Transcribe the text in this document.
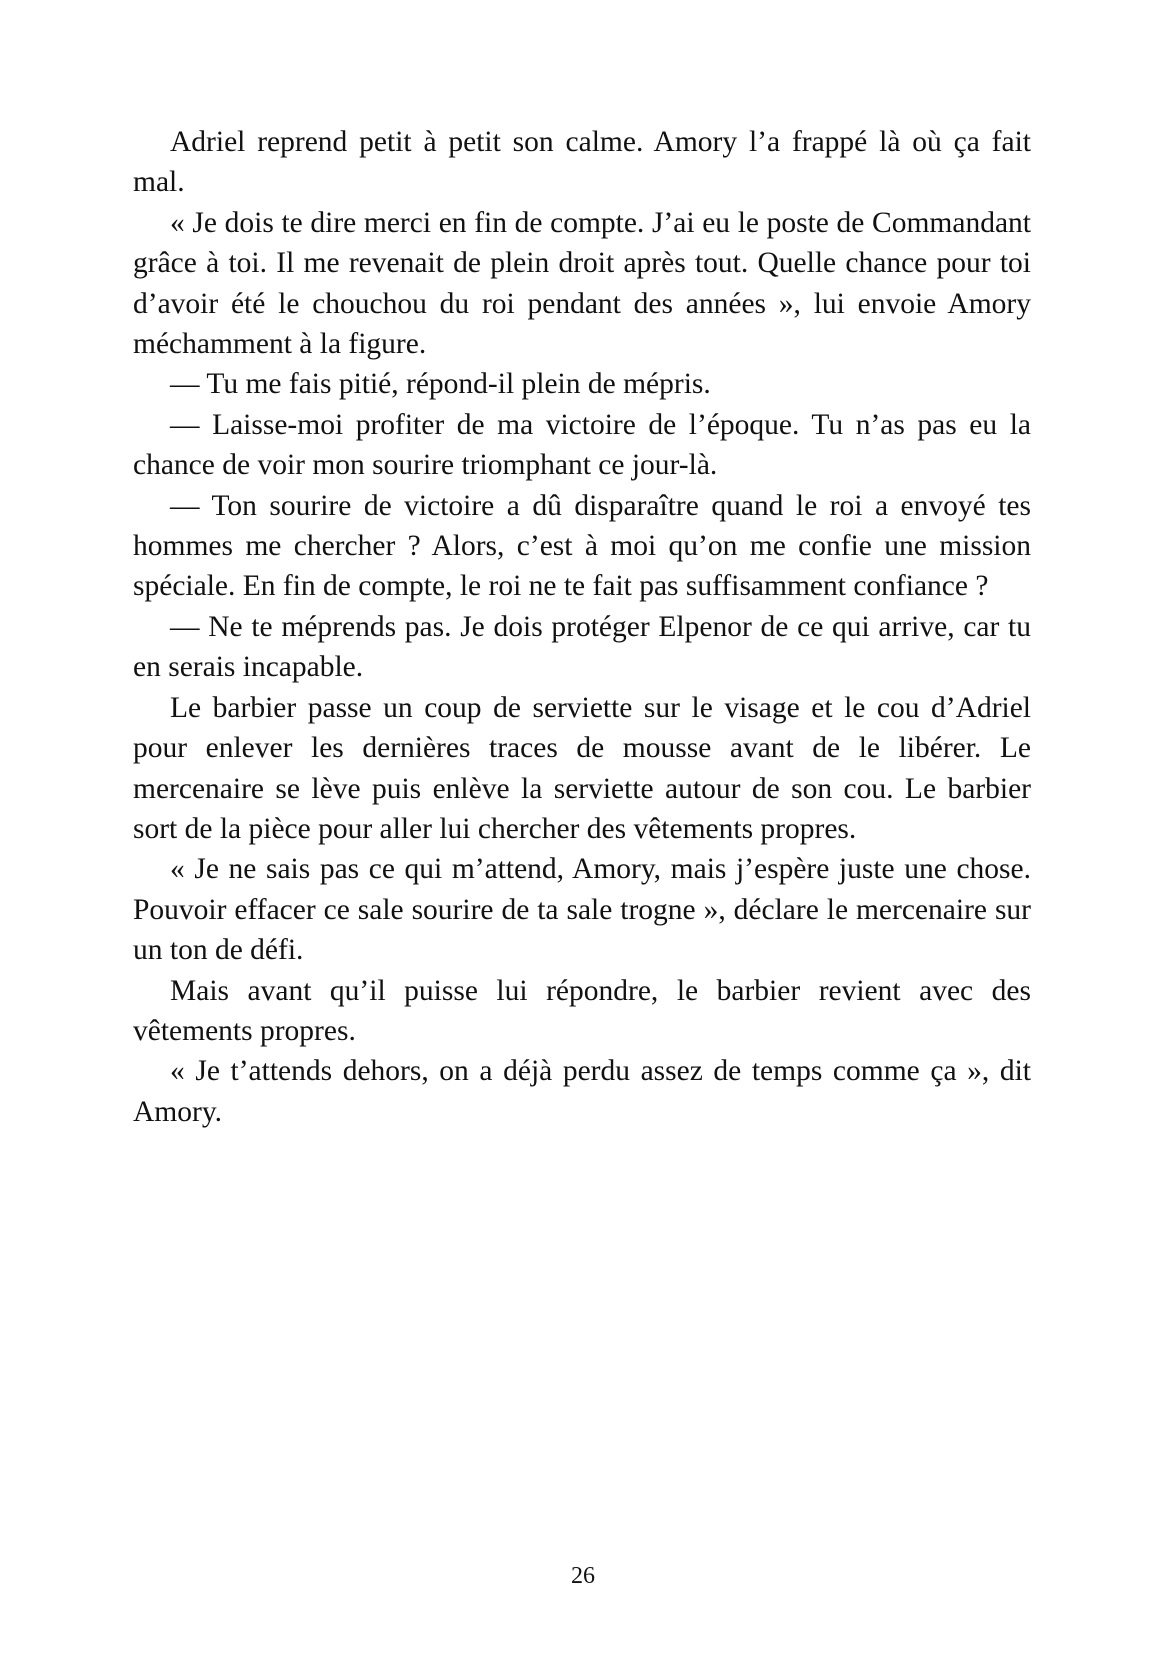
Adriel reprend petit à petit son calme. Amory l’a frappé là où ça fait mal.

« Je dois te dire merci en fin de compte. J’ai eu le poste de Commandant grâce à toi. Il me revenait de plein droit après tout. Quelle chance pour toi d’avoir été le chouchou du roi pendant des années », lui envoie Amory méchamment à la figure.

— Tu me fais pitié, répond-il plein de mépris.

— Laisse-moi profiter de ma victoire de l’époque. Tu n’as pas eu la chance de voir mon sourire triomphant ce jour-là.

— Ton sourire de victoire a dû disparaître quand le roi a envoyé tes hommes me chercher ? Alors, c’est à moi qu’on me confie une mission spéciale. En fin de compte, le roi ne te fait pas suffisamment confiance ?

— Ne te méprends pas. Je dois protéger Elpenor de ce qui arrive, car tu en serais incapable.

Le barbier passe un coup de serviette sur le visage et le cou d’Adriel pour enlever les dernières traces de mousse avant de le libérer. Le mercenaire se lève puis enlève la serviette autour de son cou. Le barbier sort de la pièce pour aller lui chercher des vêtements propres.

« Je ne sais pas ce qui m’attend, Amory, mais j’espère juste une chose. Pouvoir effacer ce sale sourire de ta sale trogne », déclare le mercenaire sur un ton de défi.

Mais avant qu’il puisse lui répondre, le barbier revient avec des vêtements propres.

« Je t’attends dehors, on a déjà perdu assez de temps comme ça », dit Amory.

26
